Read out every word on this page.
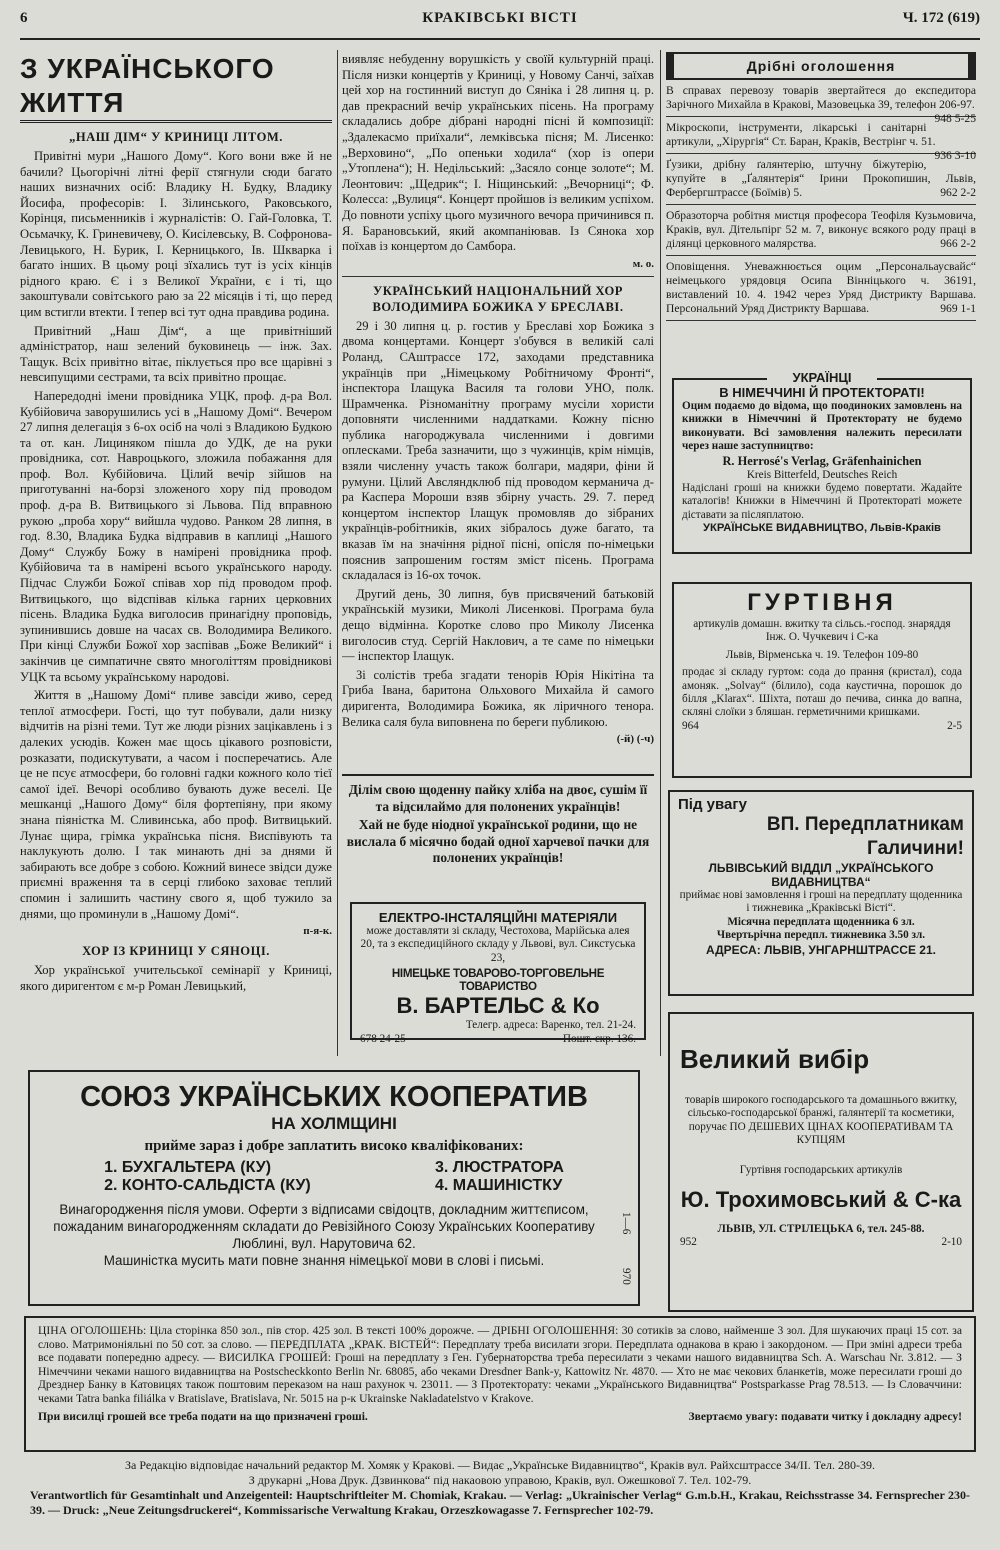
6	КРАКІВСЬКІ ВІСТІ	Ч. 172 (619)
З УКРАЇНСЬКОГО ЖИТТЯ
„НАШ ДІМ“ У КРИНИЦІ ЛІТОМ.

Привітні мури „Нашого Дому“. Кого вони вже й не бачили? Цьогорічні літні ферії стягнули сюди багато наших визначних осіб: Владику Н. Будку, Владику Йосифа, професорів: І. Зілинського, Раковського, Корінця, письменників і журналістів: О. Гай-Головка, Т. Осьмачку, К. Гриневичеву, О. Кисілевську, В. Софронова-Левицького, Н. Бурик, І. Керницького, Ів. Шкварка і багато інших. В цьому році зїхались тут із усіх кінців рідного краю. Є і з Великої України, є і ті, що закоштували совітського раю за 22 місяців і ті, що перед цим встигли втекти. І тепер всі тут одна правдива родина.

Привітний „Наш Дім“, а ще привітніший адміністратор, наш зелений буковинець — інж. Зах. Тащук. Всіх привітно вітає, піклується про все щарівні з невсипущими сестрами, та всіх привітно прощає.

Напередодні імени провідника УЦК, проф. д-ра Вол. Кубійовича заворушились усі в „Нашому Домі“. Вечером 27 липня делегація з 6-ох осіб на чолі з Владикою Будкою та от. кан. Лициняком пішла до УДК, де на руки провідника, сот. Навроцького, зложила побажання для проф. Вол. Кубійовича. Цілий вечір зійшов на приготуванні на-борзі зложеного хору під проводом проф. д-ра В. Витвицького зі Львова. Під вправною рукою „проба хору“ вийшла чудово. Ранком 28 липня, в год. 8.30, Владика Будка відправив в каплиці „Нашого Дому“ Службу Божу в намірені провідника проф. Кубійовича та в намірені всього українського народу. Підчас Служби Божої співав хор під проводом проф. Витвицького, що відспівав кілька гарних церковних пісень. Владика Будка виголосив принагідну проповідь, зупинившись довше на часах св. Володимира Великого. При кінці Служби Божої хор заспівав „Боже Великий“ і закінчив це симпатичне свято многоліттям провідникові УЦК та всьому українському народові.

Життя в „Нашому Домі“ пливе завсіди живо, серед теплої атмосфери. Гості, що тут побували, дали низку відчитів на різні теми. Тут же люди різних зацікавлень і з далеких усюдів. Кожен має щось цікавого розповісти, розказати, подискутувати, а часом і посперечатись. Але це не псує атмосфери, бо головні гадки кожного коло тієї самої ідеї. Вечорі особливо бувають дуже веселі. Це мешканці „Нашого Дому“ біля фортепіяну, при якому знана піяністка М. Сливинська, або проф. Витвицький. Лунає щира, грімка українська пісня. Виспівують та наклукують долю. І так минають дні за днями й забирають все добре з собою. Кожний винесе звідси дуже приємні враження та в серці глибоко заховає теплий спомин і залишить частину свого я, щоб тужило за днями, що проминули в „Нашому Домі“.

п-я-к.
ХОР ІЗ КРИНИЦІ У СЯНОЦІ.

Хор української учительської семінарії у Криниці, якого диригентом є м-р Роман Левицький,

виявляє небуденну ворушкість у своїй культурній праці. Після низки концертів у Криниці, у Новому Санчі, заїхав цей хор на гостинний виступ до Сяніка і 28 липня ц. р. дав прекрасний вечір українських пісень. На програму складались добре дібрані народні пісні й композиції: „Здалекасмо приїхали“, лемківська пісня; М. Лисенко: „Верховино“, „По опеньки ходила“ (хор із опери „Утоплена“); Н. Недільський: „Засяло сонце золоте“; М. Леонтович: „Щедрик“; І. Ніщинський: „Вечорниці“; Ф. Колесса: „Вулиця“. Концерт пройшов із великим успіхом. До повноти успіху цього музичного вечора причинився п. Я. Барановський, який акомпаніював. Із Сянока хор поїхав із концертом до Самбора.

м. о.
УКРАЇНСЬКИЙ НАЦІОНАЛЬНИЙ ХОР ВОЛОДИМИРА БОЖИКА У БРЕСЛАВІ.

29 і 30 липня ц. р. гостив у Бреславі хор Божика з двома концертами. Концерт з'обувся в великій салі Роланд, САштрассе 172, заходами представника українців при „Німецькому Робітничому Фронті“, інспектора Ілащука Василя та голови УНО, полк. Шрамченка. Різноманітну програму мусіли хористи доповняти численними наддатками. Кожну пісню публика нагороджувала численними і довгими оплесками. Треба зазначити, що з чужинців, крім німців, взяли численну участь також болгари, мадяри, фіни й румуни. Цілий Авсляндклюб під проводом керманича д-ра Каспера Мороши взяв збірну участь. 29. 7. перед концертом інспектор Ілащук промовляв до зібраних українців-робітників, яких зібралось дуже багато, та вказав їм на значіння рідної пісні, опісля по-німецьки пояснив запрошеним гостям зміст пісень. Програма складалася із 16-ох точок.

Другий день, 30 липня, був присвячений батьковій українській музики, Миколі Лисенкові. Програма була дещо відмінна. Коротке слово про Миколу Лисенка виголосив студ. Сергій Наклович, а те саме по німецьки — інспектор Ілащук.

Зі солістів треба згадати тенорів Юрія Нікітіна та Гриба Івана, баритона Ольхового Михайла й самого диригента, Володимира Божика, як ліричного тенора. Велика саля була виповнена по береги публикою.

(-й) (-ч)
Ділім свою щоденну пайку хліба на двоє, сушім її та відсилаймо для полонених українців!
Хай не буде ніодної української родини, що не вислала б місячно бодай одної харчевої пачки для полонених українців!
ЕЛЕКТРО-ІНСТАЛЯЦІЙНІ МАТЕРІЯЛИ
може доставляти зі складу, Честохова, Марійська алея 20, та з експедиційного складу у Львові, вул. Сикстуська 23,
НІМЕЦЬКЕ ТОВАРОВО-ТОРГОВЕЛЬНЕ ТОВАРИСТВО
В. БАРТЕЛЬС & Ко
Телегр. адреса: Варенко, тел. 21-24.
678 24-25	Пошт. скр. 136.
Дрібні оголошення
В справах перевозу товарів звертайтеся до експедитора Зарічного Михайла в Кракові, Мазовецька 39, телефон 206-97.
948 5-25
Мікроскопи, інструменти, лікарські і санітарні артикули, „Хірургія“ Ст. Баран, Краків, Вестрінг ч. 51.
936 3-10
Ґузики, дрібну ґалянтерію, штучну біжутерію, купуйте в „Ґалянтерія“ Ірини Прокопишин, Львів, Фербергштрассе (Боїмів) 5.	962 2-2
Образоторча робітня мистця професора Теофіля Кузьмовича, Краків, вул. Дітельпірг 52 м. 7, виконує всякого роду праці в ділянці церковного малярства.	966 2-2
Оповіщення. Уневажнюється оцим „Персональаусвайс“ неімецького урядовця Осипа Вінніцького ч. 36191, виставлений 10. 4. 1942 через Уряд Дистрикту Варшава. Персональний Уряд Дистрикту Варшава.	969 1-1
УКРАЇНЦІ
В НІМЕЧЧИНІ Й ПРОТЕКТОРАТІ!
Оцим подаємо до відома, що поодиноких замовлень на книжки в Німеччині й Протекторату не будемо виконувати. Всі замовлення належить пересилати через наше заступництво:
R. Herrosé's Verlag, Gräfenhainichen
Kreis Bitterfeld, Deutsches Reich
Надіслані гроші на книжки будемо повертати. Жадайте каталогів! Книжки в Німеччині й Протектораті можете діставати за післяплатою.
УКРАЇНСЬКЕ ВИДАВНИЦТВО, Львів-Краків
ГУРТІВНЯ
артикулів домашн. вжитку та сільсь.-господ. знаряддя Інж. О. Чучкевич і С-ка
Львів, Вірменська ч. 19. Телефон 109-80
продає зі складу гуртом: сода до прання (кристал), сода амоняк. „Solvay“ (білило), сода каустична, порошок до білля „Klarax“. Шіхта, поташ до печива, синка до вапна, скляні слоїки з бляшан. герметичними кришками.
964	2-5
Під увагу
ВП. Передплатникам
Галичини!
ЛЬВІВСЬКИЙ ВІДДІЛ „УКРАЇНСЬКОГО ВИДАВНИЦТВА“
приймає нові замовлення і гроші на передплату щоденника і тижневика „Краківські Вісті“.
Місячна передплата щоденника 6 зл.
Чвертьрічна передпл. тижневика 3.50 зл.
АДРЕСА: ЛЬВІВ, УНГАРНШТРАССЕ 21.
Великий вибір
товарів широкого господарського та домашнього вжитку, сільсько-господарської бранжі, ґалянтерії та косметики, поручає ПО ДЕШЕВИХ ЦІНАХ КООПЕРАТИВАМ ТА КУПЦЯМ
Гуртівня господарських артикулів
Ю. Трохимовський & С-ка
ЛЬВІВ, УЛ. СТРІЛЕЦЬКА 6, тел. 245-88.
952	2-10
СОЮЗ УКРАЇНСЬКИХ КООПЕРАТИВ
НА ХОЛМЩИНІ
прийме зараз і добре заплатить високо кваліфікованих:
1. БУХГАЛЬТЕРА (КУ)
2. КОНТО-САЛЬДІСТА (КУ)
3. ЛЮСТРАТОРА
4. МАШИНІСТКУ
Винагородження після умови. Оферти з відписами свідоцтв, докладним життєписом, пожаданим винагородженням складати до Ревізійного Союзу Українських Кооперативу Люблині, вул. Нарутовича 62.
Машиністка мусить мати повне знання німецької мови в слові і письмі.
1—6
970
ЦІНА ОГОЛОШЕНЬ: Ціла сторінка 850 зол., пів стор. 425 зол. В тексті 100% дорожче. — ДРІБНІ ОГОЛОШЕННЯ: 30 сотиків за слово, найменше 3 зол. Для шукаючих праці 15 сот. за слово. Матримоніяльні по 50 сот. за слово. — ПЕРЕДПЛАТА „КРАК. ВІСТЕЙ“: Передплату треба висилати згори. Передплата однакова в краю і закордоном. — При зміні адреси треба все подавати попередню адресу. — ВИСИЛКА ГРОШЕЙ: Гроші на передплату з Ген. Губернаторства треба пересилати з чеками нашого видавництва Sch. A. Warschau Nr. 3.812. — З Німеччини чеками нашого видавництва на Postscheckkonto Berlin Nr. 68085, або чеками Dresdner Bank-y, Kattowitz Nr. 4870. — Хто не має чекових бланкетів, може пересилати гроші до Дрезднер Банку в Катовицях також поштовим переказом на наш рахунок ч. 23011. — З Протекторату: чеками „Українського Видавництва“ Postsparkasse Prag 78.513. — Із Словаччини: чеками Tatra banka filiálka v Bratislave, Bratislava, Nr. 5015 на р-к Ukrainske Nakladatelstvo v Krakove.
При висилці грошей все треба подати на що призначені гроші.	Звертаємо увагу: подавати читку і докладну адресу!
За Редакцію відповідає начальний редактор М. Хомяк у Кракові. — Видає „Українське Видавництво“, Краків вул. Райхсштрассе 34/ІІ. Тел. 280-39.
З друкарні „Нова Друк. Дзвинкова“ під накаовою управою, Краків, вул. Ожешкової 7. Тел. 102-79.
Verantwortlich für Gesamtinhalt und Anzeigenteil: Hauptschriftleiter M. Chomiak, Krakau. — Verlag: „Ukrainischer Verlag“ G.m.b.H., Krakau, Reichsstrasse 34. Fernsprecher 230-39. — Druck: „Neue Zeitungsdruckerei“, Kommissarische Verwaltung Krakau, Orzeszkowagasse 7. Fernsprecher 102-79.
